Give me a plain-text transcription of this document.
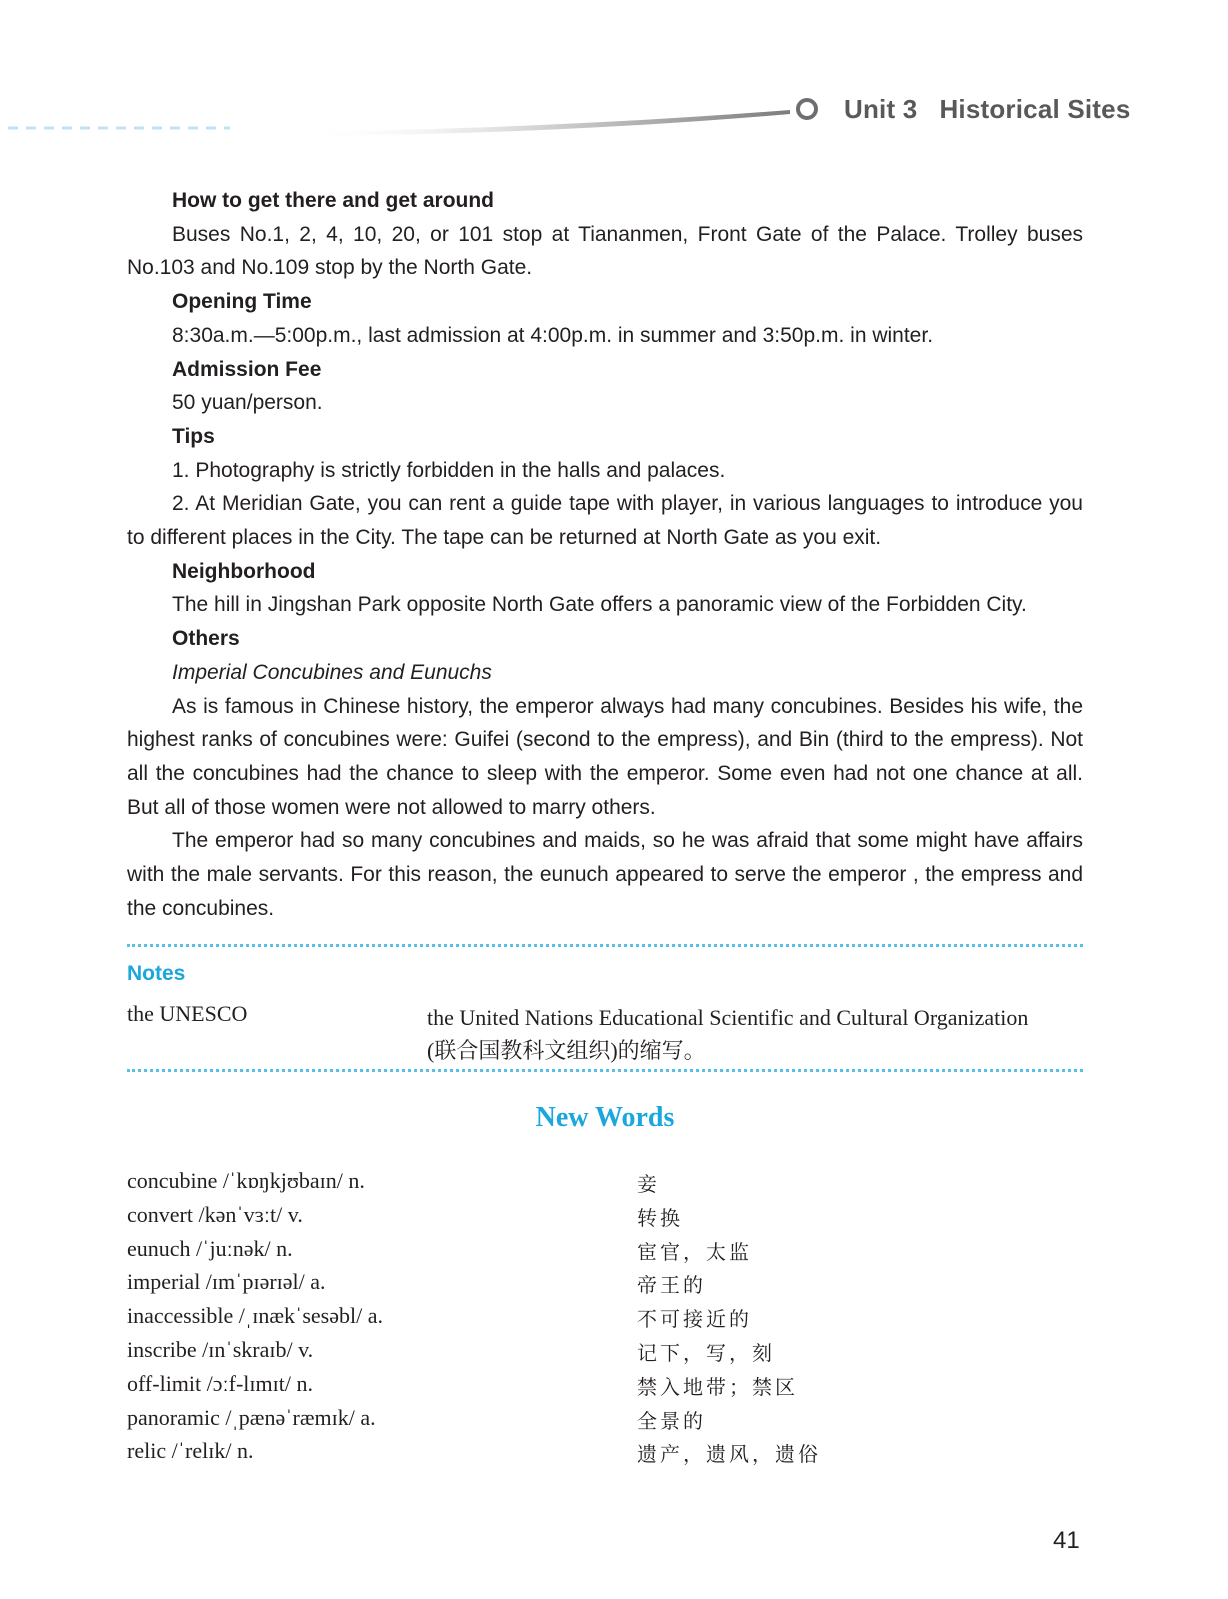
Unit 3 Historical Sites

How to get there and get around

Buses No.1, 2, 4, 10, 20, or 101 stop at Tiananmen, Front Gate of the Palace. Trolley buses No.103 and No.109 stop by the North Gate.

Opening Time

8:30a.m.—5:00p.m., last admission at 4:00p.m. in summer and 3:50p.m. in winter.

Admission Fee

50 yuan/person.

Tips

1. Photography is strictly forbidden in the halls and palaces.

2. At Meridian Gate, you can rent a guide tape with player, in various languages to introduce you to different places in the City. The tape can be returned at North Gate as you exit.

Neighborhood

The hill in Jingshan Park opposite North Gate offers a panoramic view of the Forbidden City.

Others

Imperial Concubines and Eunuchs

As is famous in Chinese history, the emperor always had many concubines. Besides his wife, the highest ranks of concubines were: Guifei (second to the empress), and Bin (third to the empress). Not all the concubines had the chance to sleep with the emperor. Some even had not one chance at all. But all of those women were not allowed to marry others.

The emperor had so many concubines and maids, so he was afraid that some might have affairs with the male servants. For this reason, the eunuch appeared to serve the emperor , the empress and the concubines.

Notes
the UNESCO	the United Nations Educational Scientific and Cultural Organization
(联合国教科文组织)的缩写。
New Words
concubine /ˈkɒŋkjʊbaɪn/ n.	妾
convert /kənˈvɜːt/ v.	转换
eunuch /ˈjuːnək/ n.	宦官，太监
imperial /ɪmˈpɪərɪəl/ a.	帝王的
inaccessible /ˌɪnækˈsesəbl/ a.	不可接近的
inscribe /ɪnˈskraɪb/ v.	记下，写，刻
off-limit /ɔːf-lɪmɪt/ n.	禁入地带；禁区
panoramic /ˌpænəˈræmɪk/ a.	全景的
relic /ˈrelɪk/ n.	遗产，遗风，遗俗
41
